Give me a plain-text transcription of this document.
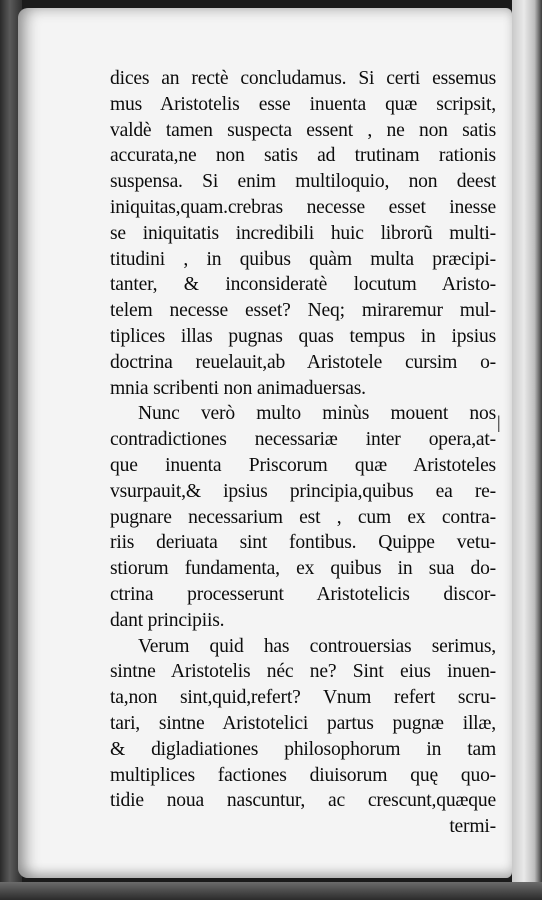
dices an rectè concludamus. Si certi essemus
mus Aristotelis esse inuenta quæ scripsit,
valdè tamen suspecta essent , ne non satis
accurata,ne non satis ad trutinam rationis
suspensa. Si enim multiloquio, non deest
iniquitas,quam.crebras necesse esset inesse
se iniquitatis incredibili huic librorũ multi-
titudini , in quibus quàm multa præcipi-
tanter, & inconsideratè locutum Aristo-
telem necesse esset? Neq; miraremur mul-
tiplices illas pugnas quas tempus in ipsius
doctrina reuelauit,ab Aristotele cursim o-
mnia scribenti non animaduersas.
Nunc verò multo minùs mouent nos
contradictiones necessariæ inter opera,at-
que inuenta Priscorum quæ Aristoteles
vsurpauit,& ipsius principia,quibus ea re-
pugnare necessarium est , cum ex contra-
riis deriuata sint fontibus. Quippe vetu-
stiorum fundamenta, ex quibus in sua do-
ctrina processerunt Aristotelicis discor-
dant principiis.
Verum quid has controuersias serimus,
sintne Aristotelis néc ne? Sint eius inuen-
ta,non sint,quid,refert? Vnum refert scru-
tari, sintne Aristotelici partus pugnæ illæ,
& digladiationes philosophorum in tam
multiplices factiones diuisorum quę quo-
tidie noua nascuntur, ac crescunt,quæque
termi-
|
